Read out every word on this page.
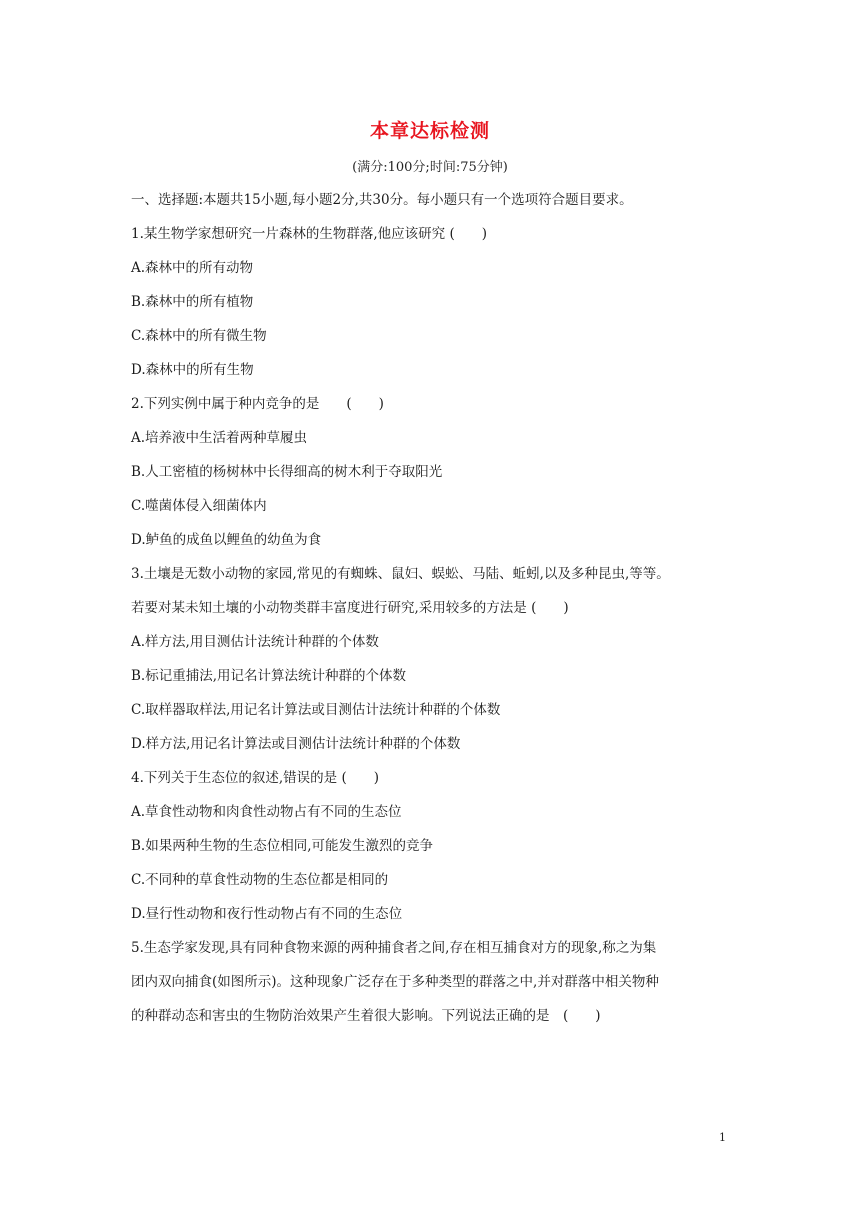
本章达标检测
(满分:100分;时间:75分钟)
一、选择题:本题共15小题,每小题2分,共30分。每小题只有一个选项符合题目要求。
1.某生物学家想研究一片森林的生物群落,他应该研究 (　　)
A.森林中的所有动物
B.森林中的所有植物
C.森林中的所有微生物
D.森林中的所有生物
2.下列实例中属于种内竞争的是　　(　　)
A.培养液中生活着两种草履虫
B.人工密植的杨树林中长得细高的树木利于夺取阳光
C.噬菌体侵入细菌体内
D.鲈鱼的成鱼以鲤鱼的幼鱼为食
3.土壤是无数小动物的家园,常见的有蜘蛛、鼠妇、蜈蚣、马陆、蚯蚓,以及多种昆虫,等等。
若要对某未知土壤的小动物类群丰富度进行研究,采用较多的方法是 (　　)
A.样方法,用目测估计法统计种群的个体数
B.标记重捕法,用记名计算法统计种群的个体数
C.取样器取样法,用记名计算法或目测估计法统计种群的个体数
D.样方法,用记名计算法或目测估计法统计种群的个体数
4.下列关于生态位的叙述,错误的是 (　　)
A.草食性动物和肉食性动物占有不同的生态位
B.如果两种生物的生态位相同,可能发生激烈的竞争
C.不同种的草食性动物的生态位都是相同的
D.昼行性动物和夜行性动物占有不同的生态位
5.生态学家发现,具有同种食物来源的两种捕食者之间,存在相互捕食对方的现象,称之为集
团内双向捕食(如图所示)。这种现象广泛存在于多种类型的群落之中,并对群落中相关物种
的种群动态和害虫的生物防治效果产生着很大影响。下列说法正确的是　(　　)
1
